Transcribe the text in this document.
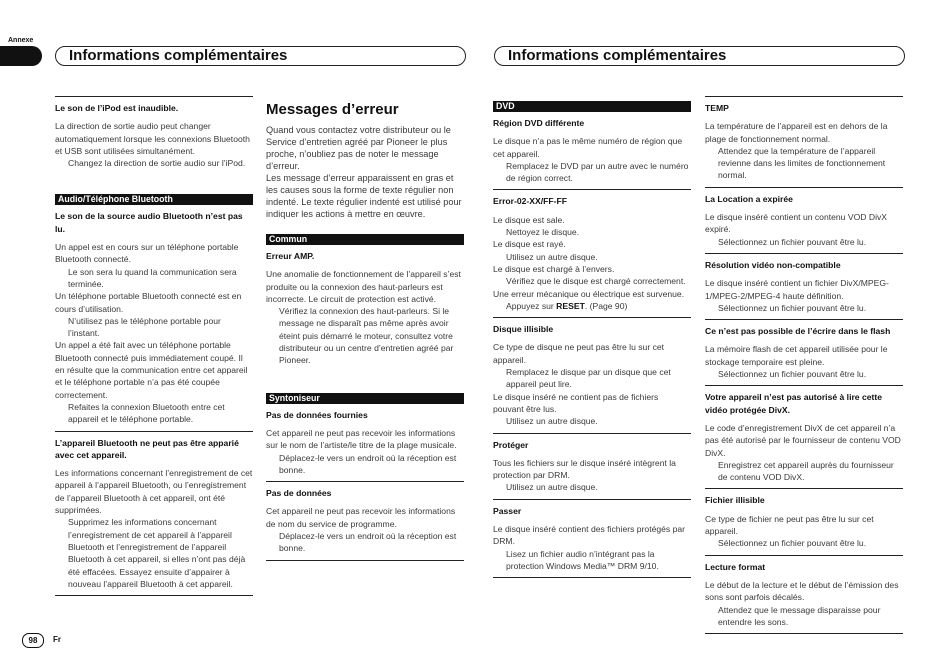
Annexe
Informations complémentaires	Informations complémentaires

Le son de l’iPod est inaudible.

La direction de sortie audio peut changer automatiquement lorsque les connexions Bluetooth et USB sont utilisées simultanément.

Changez la direction de sortie audio sur l’iPod.

Audio/Téléphone Bluetooth

Le son de la source audio Bluetooth n’est pas lu.

Un appel est en cours sur un téléphone portable Bluetooth connecté.

Le son sera lu quand la communication sera terminée.

Un téléphone portable Bluetooth connecté est en cours d’utilisation.

N’utilisez pas le téléphone portable pour l’instant.

Un appel a été fait avec un téléphone portable Bluetooth connecté puis immédiatement coupé. Il en résulte que la communication entre cet appareil et le téléphone portable n’a pas été coupée correctement.

Refaites la connexion Bluetooth entre cet appareil et le téléphone portable.

L’appareil Bluetooth ne peut pas être apparié avec cet appareil.

Les informations concernant l’enregistrement de cet appareil à l’appareil Bluetooth, ou l’enregistrement de l’appareil Bluetooth à cet appareil, ont été supprimées.

Supprimez les informations concernant l’enregistrement de cet appareil à l’appareil Bluetooth et l’enregistrement de l’appareil Bluetooth à cet appareil, si elles n’ont pas déjà été effacées. Essayez ensuite d’appairer à nouveau l’appareil Bluetooth à cet appareil.

Messages d’erreur

Quand vous contactez votre distributeur ou le Service d’entretien agréé par Pioneer le plus proche, n’oubliez pas de noter le message d’erreur.

Les message d’erreur apparaissent en gras et les causes sous la forme de texte régulier non indenté. Le texte régulier indenté est utilisé pour indiquer les actions à mettre en œuvre.

Commun

Erreur AMP.

Une anomalie de fonctionnement de l’appareil s’est produite ou la connexion des haut-parleurs est incorrecte. Le circuit de protection est activé.

Vérifiez la connexion des haut-parleurs. Si le message ne disparaît pas même après avoir éteint puis démarré le moteur, consultez votre distributeur ou un centre d’entretien agréé par Pioneer.

Syntoniseur

Pas de données fournies

Cet appareil ne peut pas recevoir les informations sur le nom de l’artiste/le titre de la plage musicale.

Déplacez-le vers un endroit où la réception est bonne.

Pas de données

Cet appareil ne peut pas recevoir les informations de nom du service de programme.

Déplacez-le vers un endroit où la réception est bonne.

DVD

Région DVD différente

Le disque n’a pas le même numéro de région que cet appareil.

Remplacez le DVD par un autre avec le numéro de région correct.

Error-02-XX/FF-FF

Le disque est sale.

Nettoyez le disque.

Le disque est rayé.

Utilisez un autre disque.

Le disque est chargé à l’envers.

Vérifiez que le disque est chargé correctement.

Une erreur mécanique ou électrique est survenue.

Appuyez sur RESET. (Page 90)

Disque illisible

Ce type de disque ne peut pas être lu sur cet appareil.

Remplacez le disque par un disque que cet appareil peut lire.

Le disque inséré ne contient pas de fichiers pouvant être lus.

Utilisez un autre disque.

Protéger

Tous les fichiers sur le disque inséré intègrent la protection par DRM.

Utilisez un autre disque.

Passer

Le disque inséré contient des fichiers protégés par DRM.

Lisez un fichier audio n’intégrant pas la protection Windows Media™ DRM 9/10.

TEMP

La température de l’appareil est en dehors de la plage de fonctionnement normal.

Attendez que la température de l’appareil revienne dans les limites de fonctionnement normal.

La Location a expirée

Le disque inséré contient un contenu VOD DivX expiré.

Sélectionnez un fichier pouvant être lu.

Résolution vidéo non-compatible

Le disque inséré contient un fichier DivX/MPEG-1/MPEG-2/MPEG-4 haute définition.

Sélectionnez un fichier pouvant être lu.

Ce n’est pas possible de l’écrire dans le flash

La mémoire flash de cet appareil utilisée pour le stockage temporaire est pleine.

Sélectionnez un fichier pouvant être lu.

Votre appareil n’est pas autorisé à lire cette vidéo protégée DivX.

Le code d’enregistrement DivX de cet appareil n’a pas été autorisé par le fournisseur de contenu VOD DivX.

Enregistrez cet appareil auprès du fournisseur de contenu VOD DivX.

Fichier illisible

Ce type de fichier ne peut pas être lu sur cet appareil.

Sélectionnez un fichier pouvant être lu.

Lecture format

Le début de la lecture et le début de l’émission des sons sont parfois décalés.

Attendez que le message disparaisse pour entendre les sons.

98	Fr
